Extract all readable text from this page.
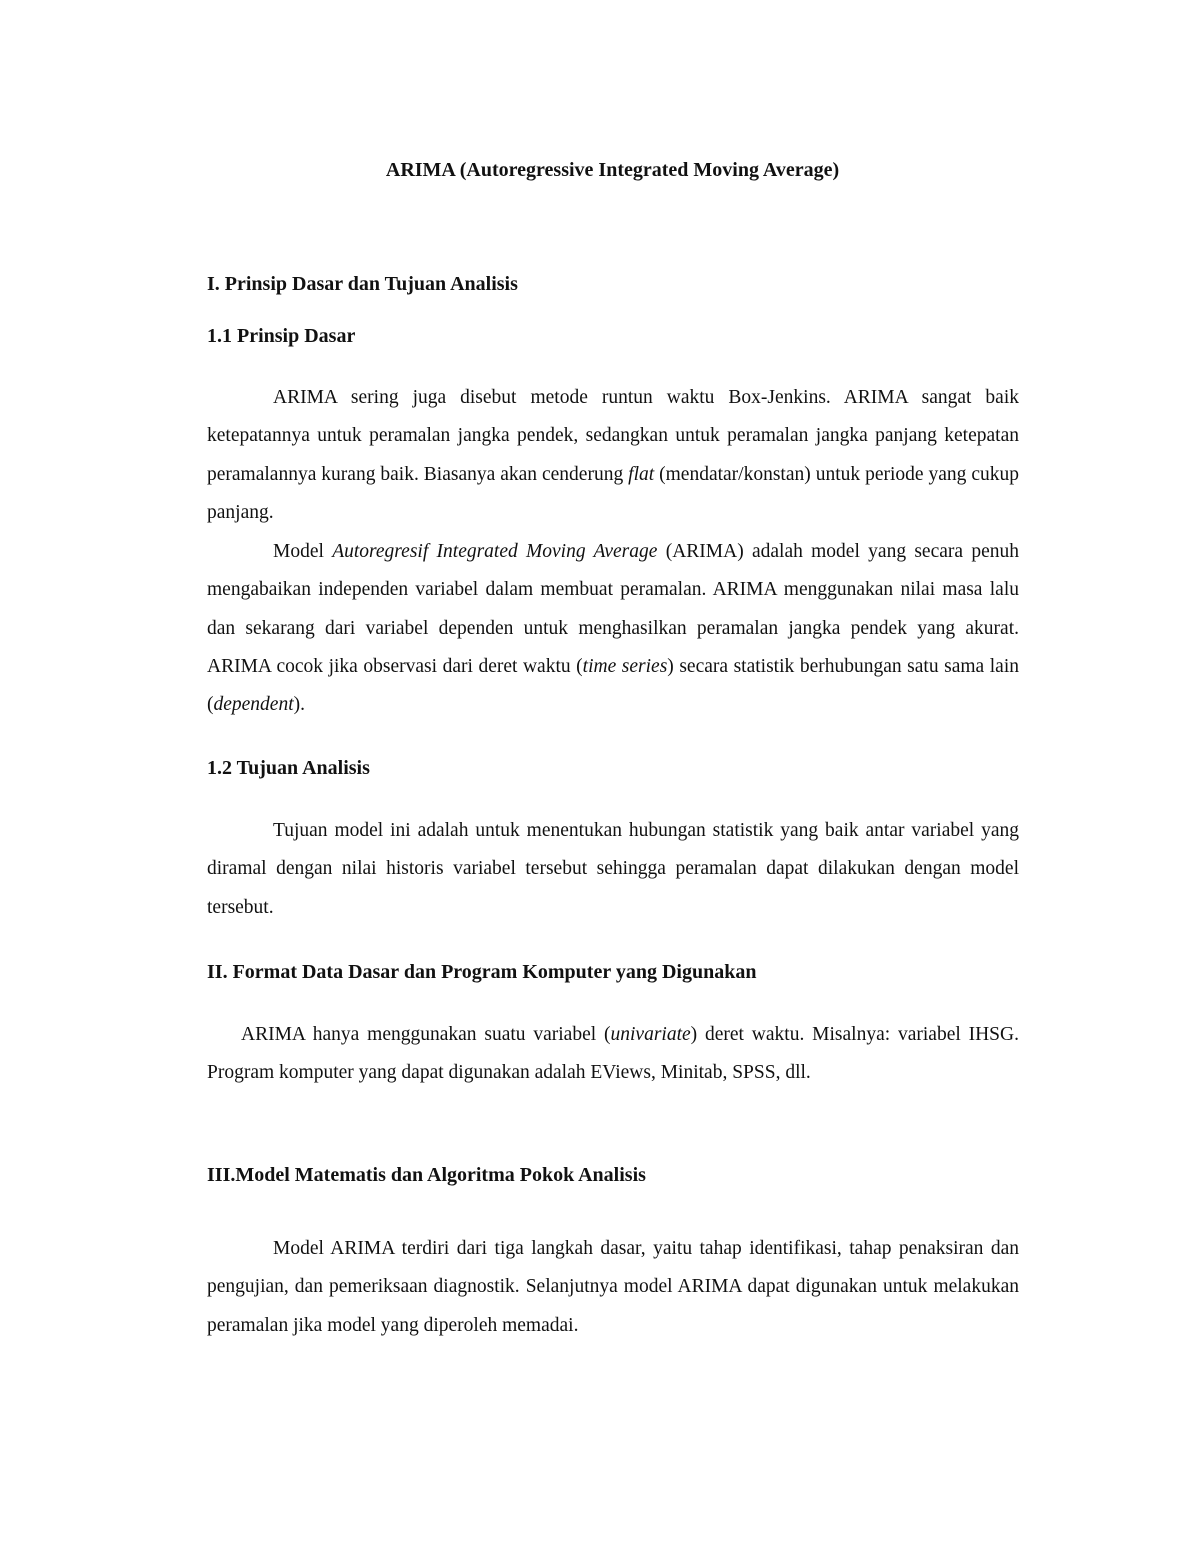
ARIMA (Autoregressive Integrated Moving Average)
I. Prinsip Dasar dan Tujuan Analisis
1.1 Prinsip Dasar

ARIMA sering juga disebut metode runtun waktu Box-Jenkins. ARIMA sangat baik ketepatannya untuk peramalan jangka pendek, sedangkan untuk peramalan jangka panjang ketepatan peramalannya kurang baik. Biasanya akan cenderung flat (mendatar/konstan) untuk periode yang cukup panjang.

Model Autoregresif Integrated Moving Average (ARIMA) adalah model yang secara penuh mengabaikan independen variabel dalam membuat peramalan. ARIMA menggunakan nilai masa lalu dan sekarang dari variabel dependen untuk menghasilkan peramalan jangka pendek yang akurat. ARIMA cocok jika observasi dari deret waktu (time series) secara statistik berhubungan satu sama lain (dependent).

1.2 Tujuan Analisis

Tujuan model ini adalah untuk menentukan hubungan statistik yang baik antar variabel yang diramal dengan nilai historis variabel tersebut sehingga peramalan dapat dilakukan dengan model tersebut.

II. Format Data Dasar dan Program Komputer yang Digunakan

ARIMA hanya menggunakan suatu variabel (univariate) deret waktu. Misalnya: variabel IHSG. Program komputer yang dapat digunakan adalah EViews, Minitab, SPSS, dll.

III.Model Matematis dan Algoritma Pokok Analisis

Model ARIMA terdiri dari tiga langkah dasar, yaitu tahap identifikasi, tahap penaksiran dan pengujian, dan pemeriksaan diagnostik. Selanjutnya model ARIMA dapat digunakan untuk melakukan peramalan jika model yang diperoleh memadai.
